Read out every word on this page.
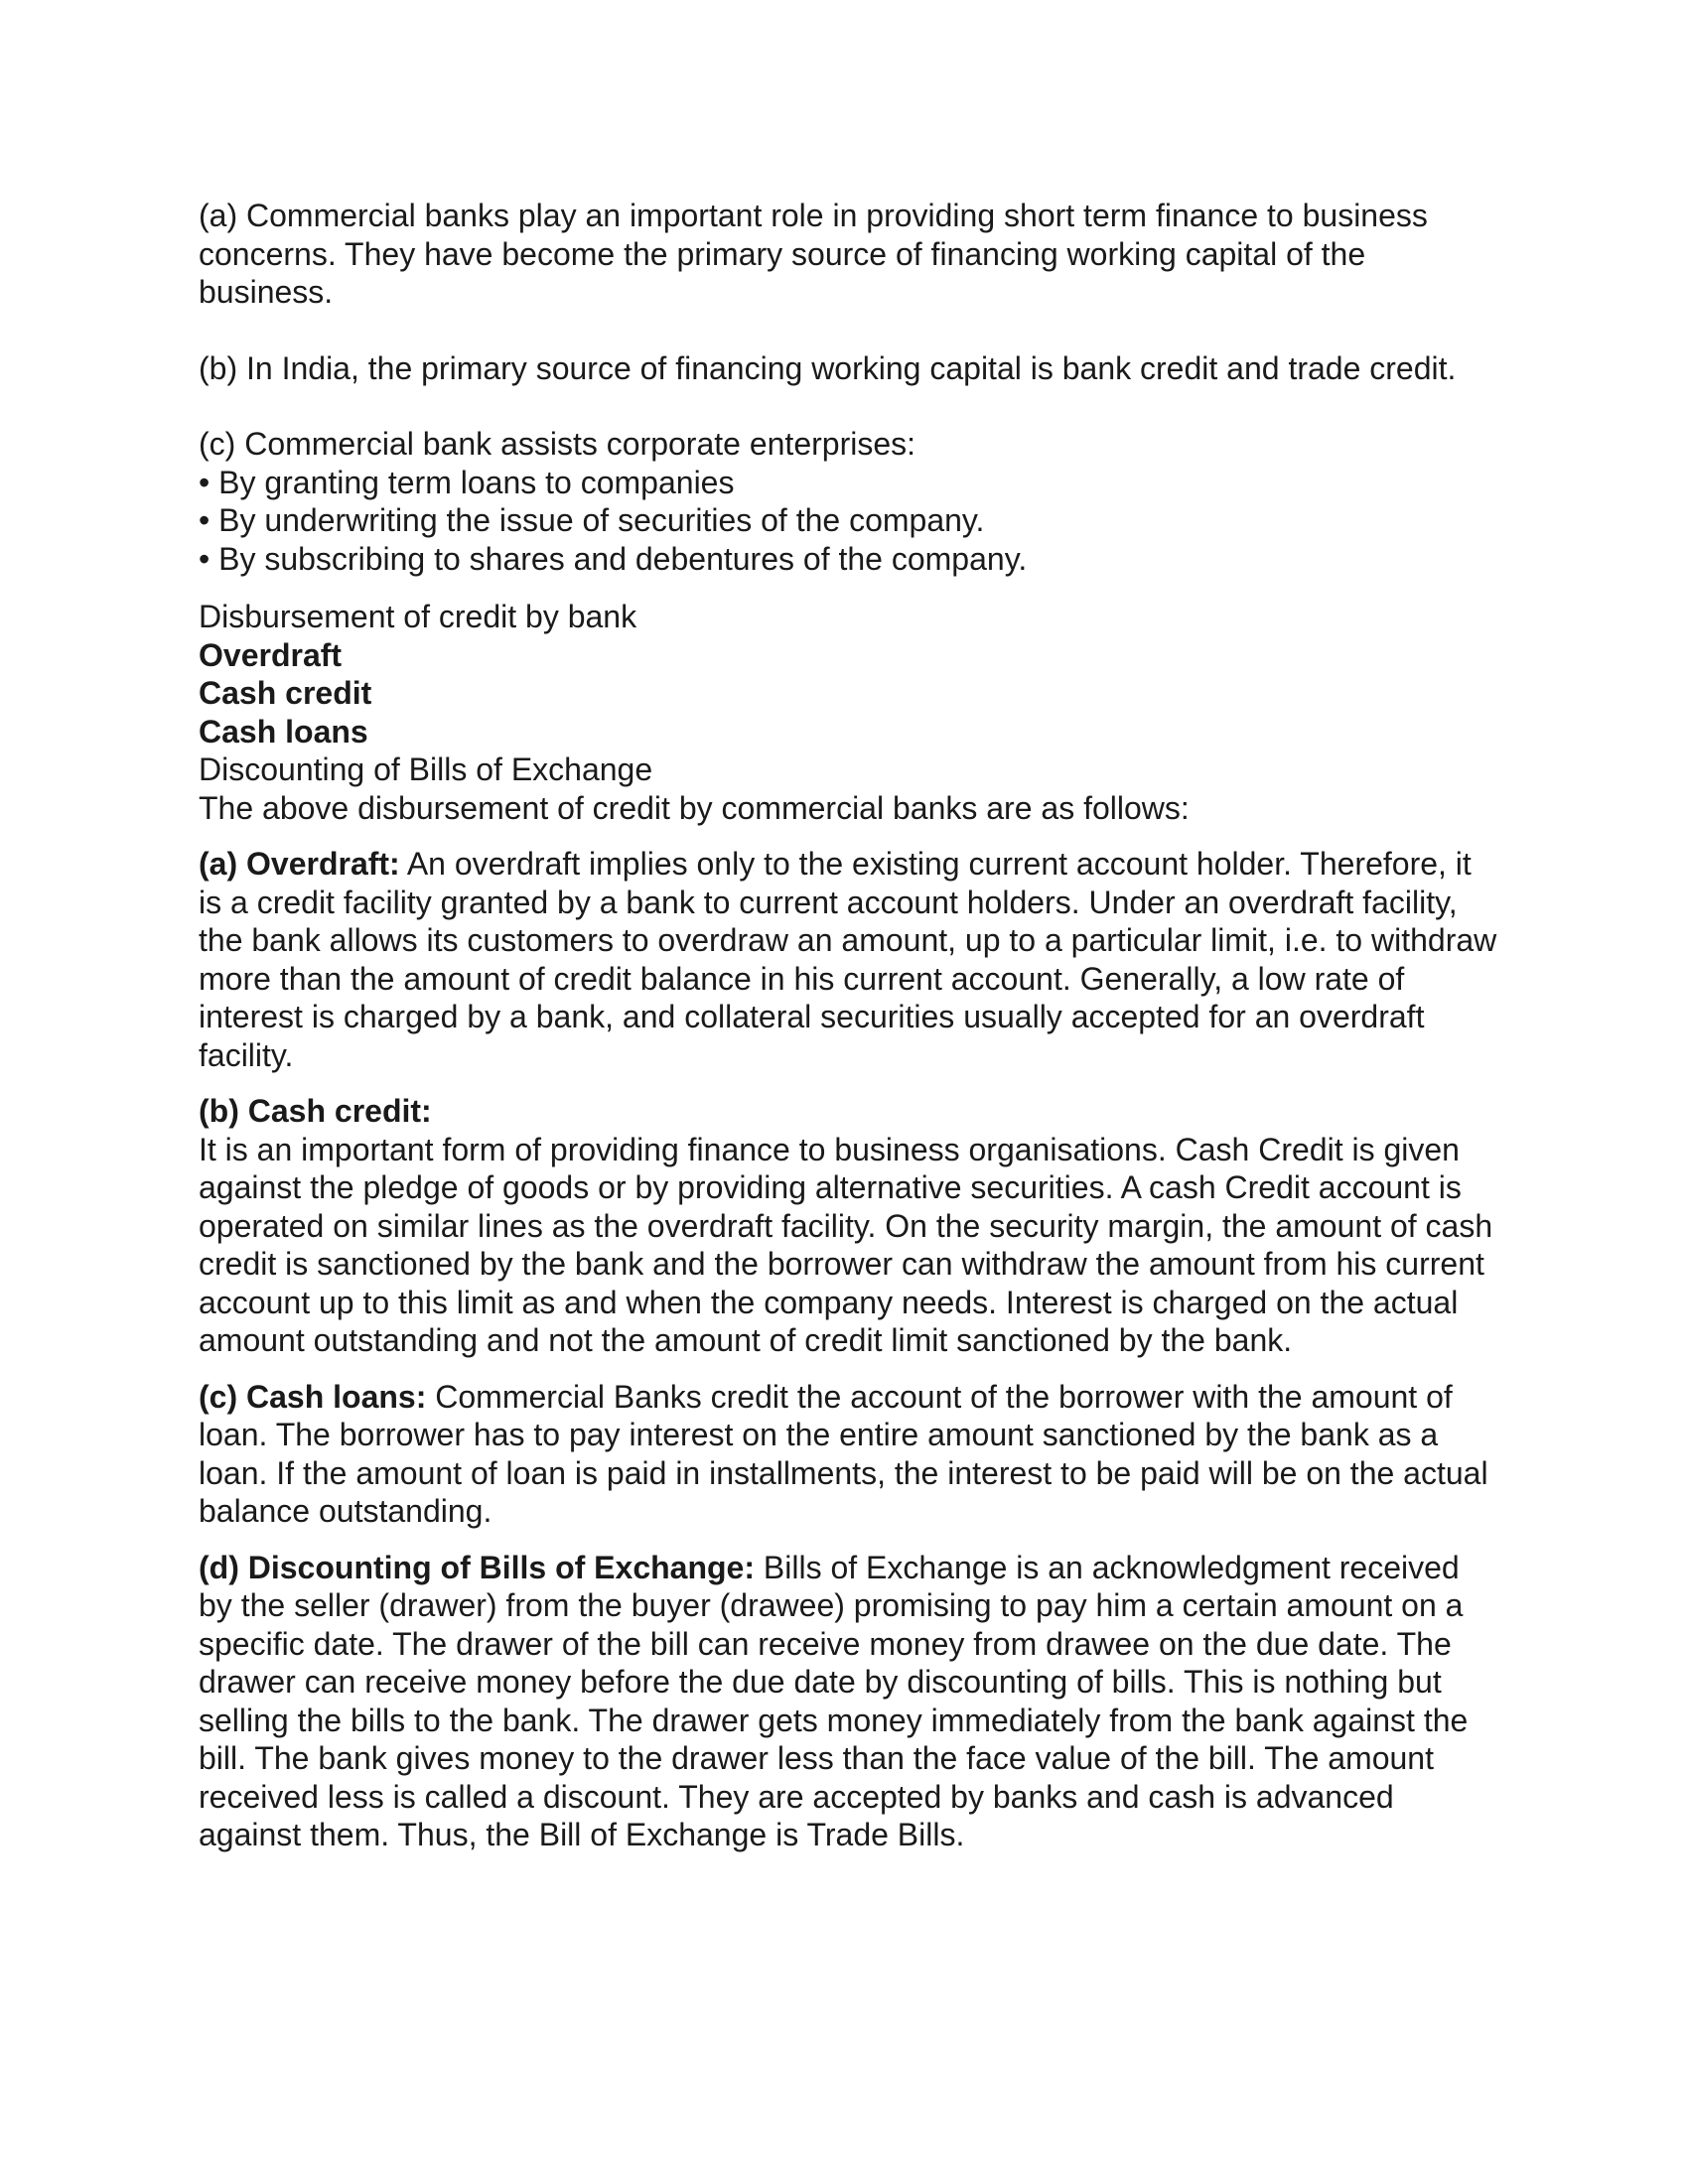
(a) Commercial banks play an important role in providing short term finance to business concerns. They have become the primary source of financing working capital of the business.

(b) In India, the primary source of financing working capital is bank credit and trade credit.

(c) Commercial bank assists corporate enterprises:

• By granting term loans to companies
• By underwriting the issue of securities of the company.
• By subscribing to shares and debentures of the company.

Disbursement of credit by bank

Overdraft

Cash credit

Cash loans

Discounting of Bills of Exchange

The above disbursement of credit by commercial banks are as follows:

(a) Overdraft: An overdraft implies only to the existing current account holder. Therefore, it is a credit facility granted by a bank to current account holders. Under an overdraft facility, the bank allows its customers to overdraw an amount, up to a particular limit, i.e. to withdraw more than the amount of credit balance in his current account. Generally, a low rate of interest is charged by a bank, and collateral securities usually accepted for an overdraft facility.

(b) Cash credit:

It is an important form of providing finance to business organisations. Cash Credit is given against the pledge of goods or by providing alternative securities. A cash Credit account is operated on similar lines as the overdraft facility. On the security margin, the amount of cash credit is sanctioned by the bank and the borrower can withdraw the amount from his current account up to this limit as and when the company needs. Interest is charged on the actual amount outstanding and not the amount of credit limit sanctioned by the bank.

(c) Cash loans: Commercial Banks credit the account of the borrower with the amount of loan. The borrower has to pay interest on the entire amount sanctioned by the bank as a loan. If the amount of loan is paid in installments, the interest to be paid will be on the actual balance outstanding.

(d) Discounting of Bills of Exchange: Bills of Exchange is an acknowledgment received by the seller (drawer) from the buyer (drawee) promising to pay him a certain amount on a specific date. The drawer of the bill can receive money from drawee on the due date. The drawer can receive money before the due date by discounting of bills. This is nothing but selling the bills to the bank. The drawer gets money immediately from the bank against the bill. The bank gives money to the drawer less than the face value of the bill. The amount received less is called a discount. They are accepted by banks and cash is advanced against them. Thus, the Bill of Exchange is Trade Bills.
